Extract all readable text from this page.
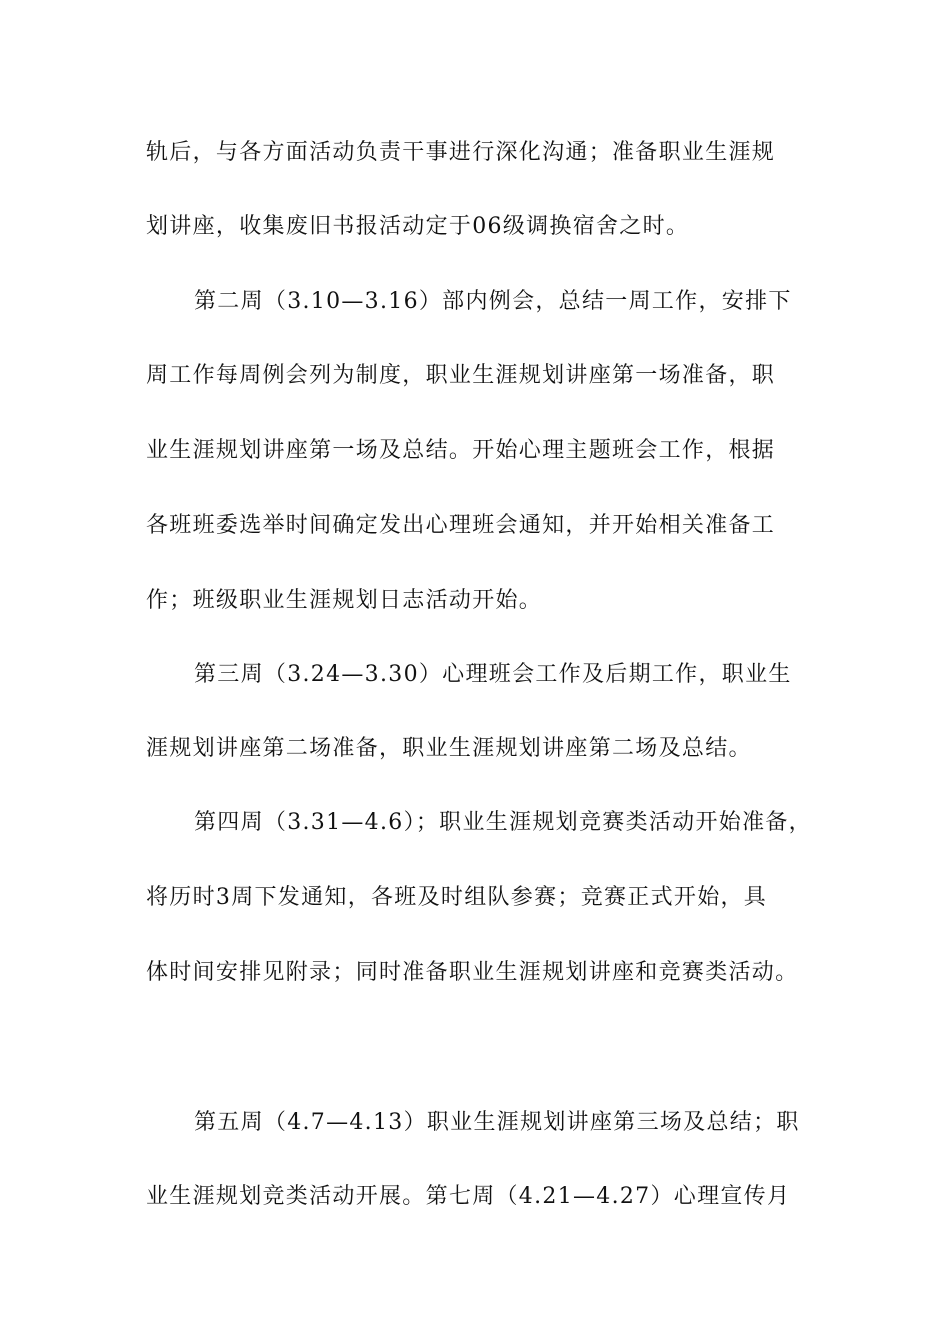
轨后，与各方面活动负责干事进行深化沟通；准备职业生涯规
划讲座，收集废旧书报活动定于06级调换宿舍之时。
第二周（3.10—3.16）部内例会，总结一周工作，安排下
周工作每周例会列为制度，职业生涯规划讲座第一场准备，职
业生涯规划讲座第一场及总结。开始心理主题班会工作，根据
各班班委选举时间确定发出心理班会通知，并开始相关准备工
作；班级职业生涯规划日志活动开始。
第三周（3.24—3.30）心理班会工作及后期工作，职业生
涯规划讲座第二场准备，职业生涯规划讲座第二场及总结。
第四周（3.31—4.6）；职业生涯规划竞赛类活动开始准备，
将历时3周下发通知，各班及时组队参赛；竞赛正式开始，具
体时间安排见附录；同时准备职业生涯规划讲座和竞赛类活动。
第五周（4.7—4.13）职业生涯规划讲座第三场及总结；职
业生涯规划竞类活动开展。第七周（4.21—4.27）心理宣传月
